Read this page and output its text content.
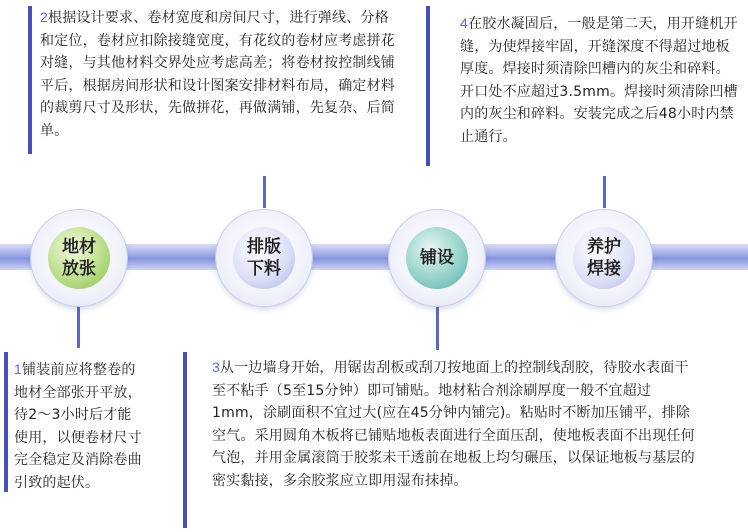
地材
放张
排版
下料
铺设
养护
焊接
2根据设计要求、卷材宽度和房间尺寸，进行弹线、分格和定位，卷材应扣除接缝宽度，有花纹的卷材应考虑拼花对缝，与其他材料交界处应考虑高差；将卷材按控制线铺平后，根据房间形状和设计图案安排材料布局，确定材料的裁剪尺寸及形状，先做拼花，再做满铺，先复杂、后简单。
4在胶水凝固后，一般是第二天，用开缝机开缝，为使焊接牢固，开缝深度不得超过地板厚度。焊接时须清除凹槽内的灰尘和碎料。开口处不应超过3.5mm。焊接时须清除凹槽内的灰尘和碎料。安装完成之后48小时内禁止通行。
1铺装前应将整卷的地材全部张开平放，待2～3小时后才能使用，以便卷材尺寸完全稳定及消除卷曲引致的起伏。
3从一边墙身开始，用锯齿刮板或刮刀按地面上的控制线刮胶，待胶水表面干至不粘手（5至15分钟）即可铺贴。地材粘合剂涂刷厚度一般不宜超过1mm，涂刷面积不宜过大(应在45分钟内铺完)。粘贴时不断加压铺平，排除空气。采用圆角木板将已铺贴地板表面进行全面压刮，使地板表面不出现任何气泡，并用金属滚筒于胶浆未干透前在地板上均匀碾压，以保证地板与基层的密实黏接，多余胶浆应立即用湿布抹掉。
